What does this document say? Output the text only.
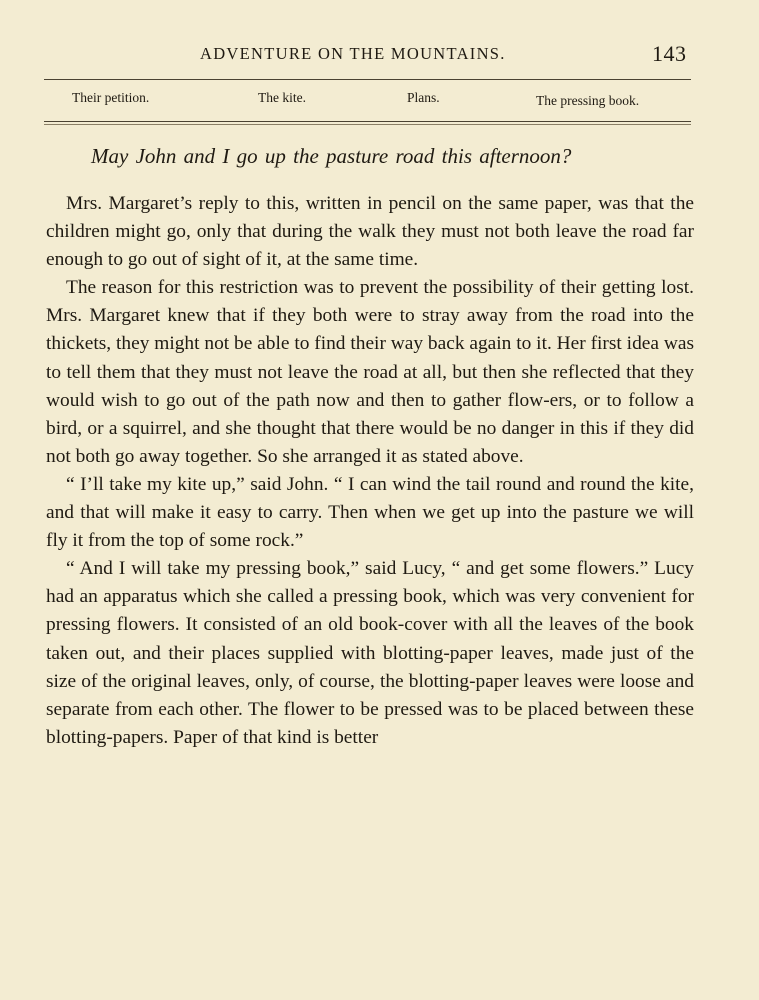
ADVENTURE ON THE MOUNTAINS.	143
Their petition.	The kite.	Plans.	The pressing book.
May John and I go up the pasture road this afternoon?

Mrs. Margaret’s reply to this, written in pencil on the same paper, was that the children might go, only that during the walk they must not both leave the road far enough to go out of sight of it, at the same time.

The reason for this restriction was to prevent the possibility of their getting lost. Mrs. Margaret knew that if they both were to stray away from the road into the thickets, they might not be able to find their way back again to it. Her first idea was to tell them that they must not leave the road at all, but then she reflected that they would wish to go out of the path now and then to gather flow-ers, or to follow a bird, or a squirrel, and she thought that there would be no danger in this if they did not both go away together. So she arranged it as stated above.

“ I’ll take my kite up,” said John. “ I can wind the tail round and round the kite, and that will make it easy to carry. Then when we get up into the pasture we will fly it from the top of some rock.”

“ And I will take my pressing book,” said Lucy, “ and get some flowers.” Lucy had an apparatus which she called a pressing book, which was very convenient for pressing flowers. It consisted of an old book-cover with all the leaves of the book taken out, and their places supplied with blotting-paper leaves, made just of the size of the original leaves, only, of course, the blotting-paper leaves were loose and separate from each other. The flower to be pressed was to be placed between these blotting-papers. Paper of that kind is better
